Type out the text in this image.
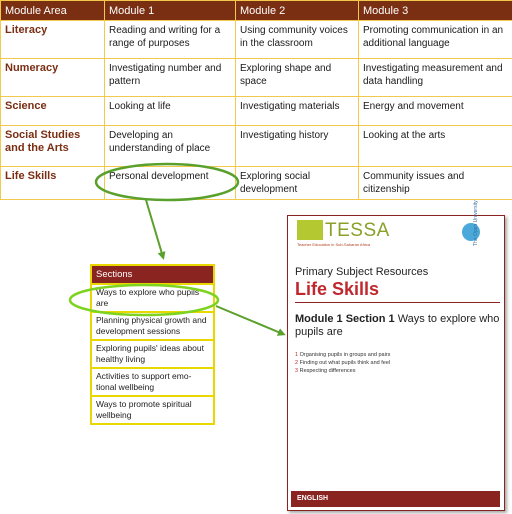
Module Area	Module 1	Module 2	Module 3
Literacy	Reading and writing for a range of purposes	Using community voices in the classroom	Promoting communication in an additional language
Numeracy	Investigating number and pattern	Exploring shape and space	Investigating measurement and data handling
Science	Looking at life	Investigating materials	Energy and movement
Social Studies and the Arts	Developing an understanding of place	Investigating history	Looking at the arts
Life Skills	Personal development	Exploring social development	Community issues and citizenship
Sections
Ways to explore who pupils are
Planning physical growth and development sessions
Exploring pupils' ideas about healthy living
Activities to support emo-tional wellbeing
Ways to promote spiritual wellbeing
TESSA
Teacher Education in Sub-Saharan Africa	The Open University
Primary Subject Resources
Life Skills
Module 1 Section 1 Ways to explore who pupils are
1 Organising pupils in groups and pairs
2 Finding out what pupils think and feel
3 Respecting differences
ENGLISH
